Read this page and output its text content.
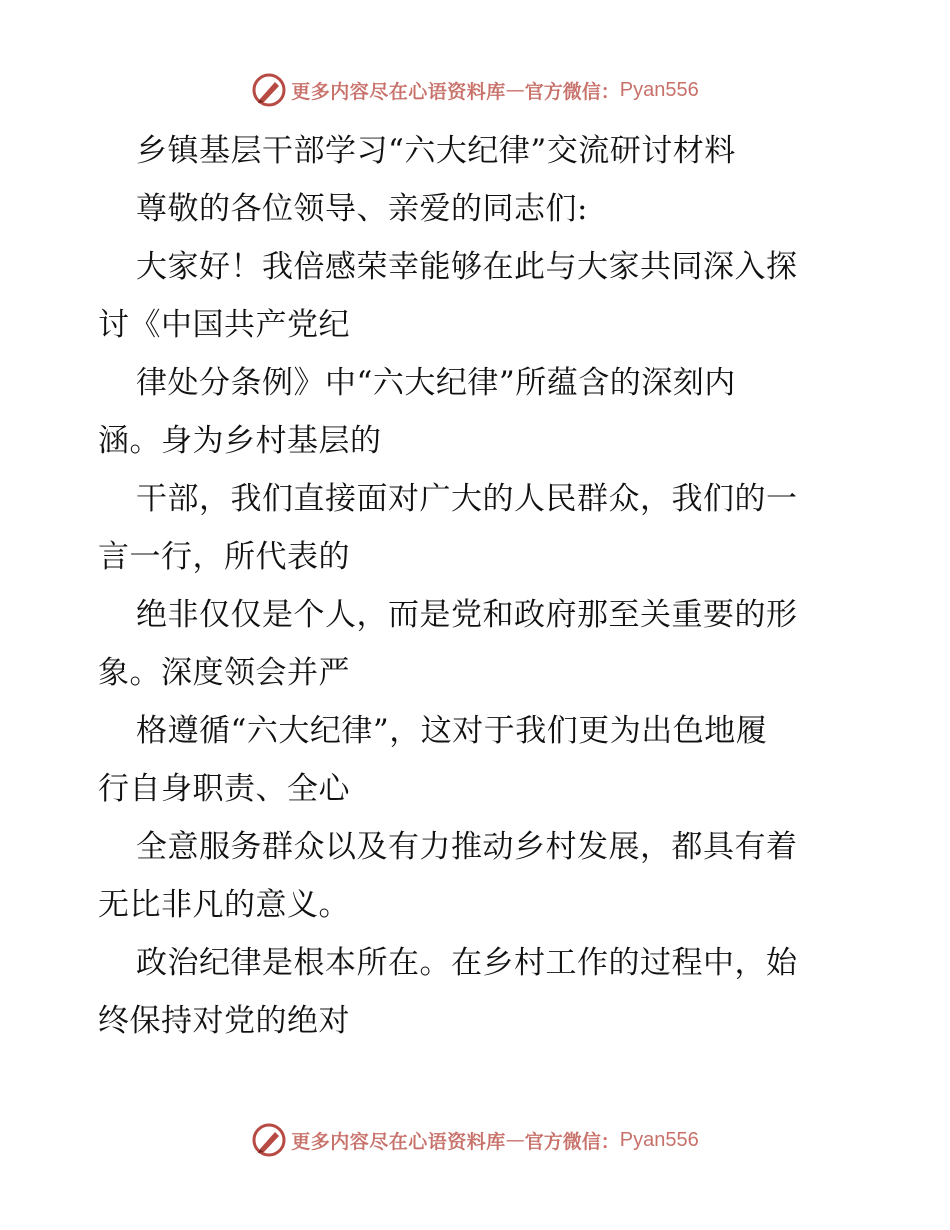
更多内容尽在心语资料库 — 官方微信： Pyan556
乡镇基层干部学习“六大纪律”交流研讨材料
尊敬的各位领导、亲爱的同志们:
大家好！我倍感荣幸能够在此与大家共同深入探
讨《中国共产党纪
律处分条例》中“六大纪律”所蕴含的深刻内
涵。身为乡村基层的
干部，我们直接面对广大的人民群众，我们的一
言一行，所代表的
绝非仅仅是个人，而是党和政府那至关重要的形
象。深度领会并严
格遵循“六大纪律”，这对于我们更为出色地履
行自身职责、全心
全意服务群众以及有力推动乡村发展，都具有着
无比非凡的意义。
政治纪律是根本所在。在乡村工作的过程中，始
终保持对党的绝对
更多内容尽在心语资料库 — 官方微信： Pyan556
